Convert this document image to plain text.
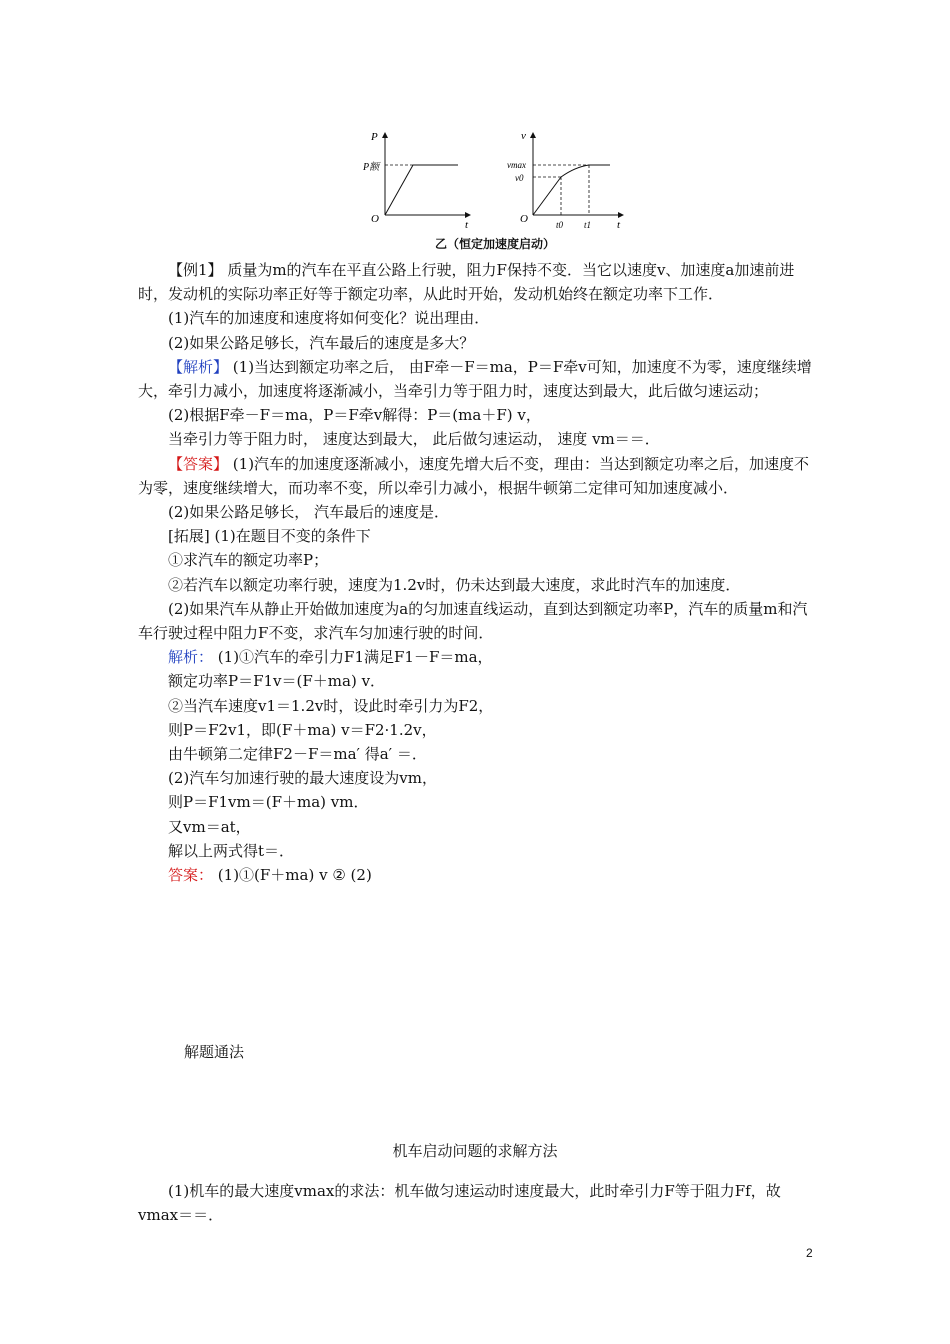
P
t
O
P额
v
t
O
vmax
v0
t0 t1
乙（恒定加速度启动）

【例1】 质量为m的汽车在平直公路上行驶，阻力F保持不变．当它以速度v、加速度a加速前进时，发动机的实际功率正好等于额定功率，从此时开始，发动机始终在额定功率下工作．

(1)汽车的加速度和速度将如何变化？说出理由．

(2)如果公路足够长，汽车最后的速度是多大？

【解析】 (1)当达到额定功率之后， 由F牵－F＝ma，P＝F牵v可知，加速度不为零，速度继续增大，牵引力减小，加速度将逐渐减小，当牵引力等于阻力时，速度达到最大，此后做匀速运动；

(2)根据F牵－F＝ma，P＝F牵v解得：P＝(ma＋F) v，

当牵引力等于阻力时， 速度达到最大， 此后做匀速运动， 速度 vm＝＝．

【答案】 (1)汽车的加速度逐渐减小，速度先增大后不变，理由：当达到额定功率之后，加速度不为零，速度继续增大，而功率不变，所以牵引力减小，根据牛顿第二定律可知加速度减小．

(2)如果公路足够长， 汽车最后的速度是．

[拓展] (1)在题目不变的条件下

①求汽车的额定功率P；

②若汽车以额定功率行驶，速度为1.2v时，仍未达到最大速度，求此时汽车的加速度．

(2)如果汽车从静止开始做加速度为a的匀加速直线运动，直到达到额定功率P，汽车的质量m和汽车行驶过程中阻力F不变，求汽车匀加速行驶的时间．

解析： (1)①汽车的牵引力F1满足F1－F＝ma，

额定功率P＝F1v＝(F＋ma) v．

②当汽车速度v1＝1.2v时，设此时牵引力为F2，

则P＝F2v1，即(F＋ma) v＝F2·1.2v，

由牛顿第二定律F2－F＝ma′ 得a′ ＝．

(2)汽车匀加速行驶的最大速度设为vm，

则P＝F1vm＝(F＋ma) vm．

又vm＝at，

解以上两式得t＝．

答案： (1)①(F＋ma) v ② (2)

解题通法
机车启动问题的求解方法

(1)机车的最大速度vmax的求法：机车做匀速运动时速度最大，此时牵引力F等于阻力Ff，故vmax＝＝．

2
